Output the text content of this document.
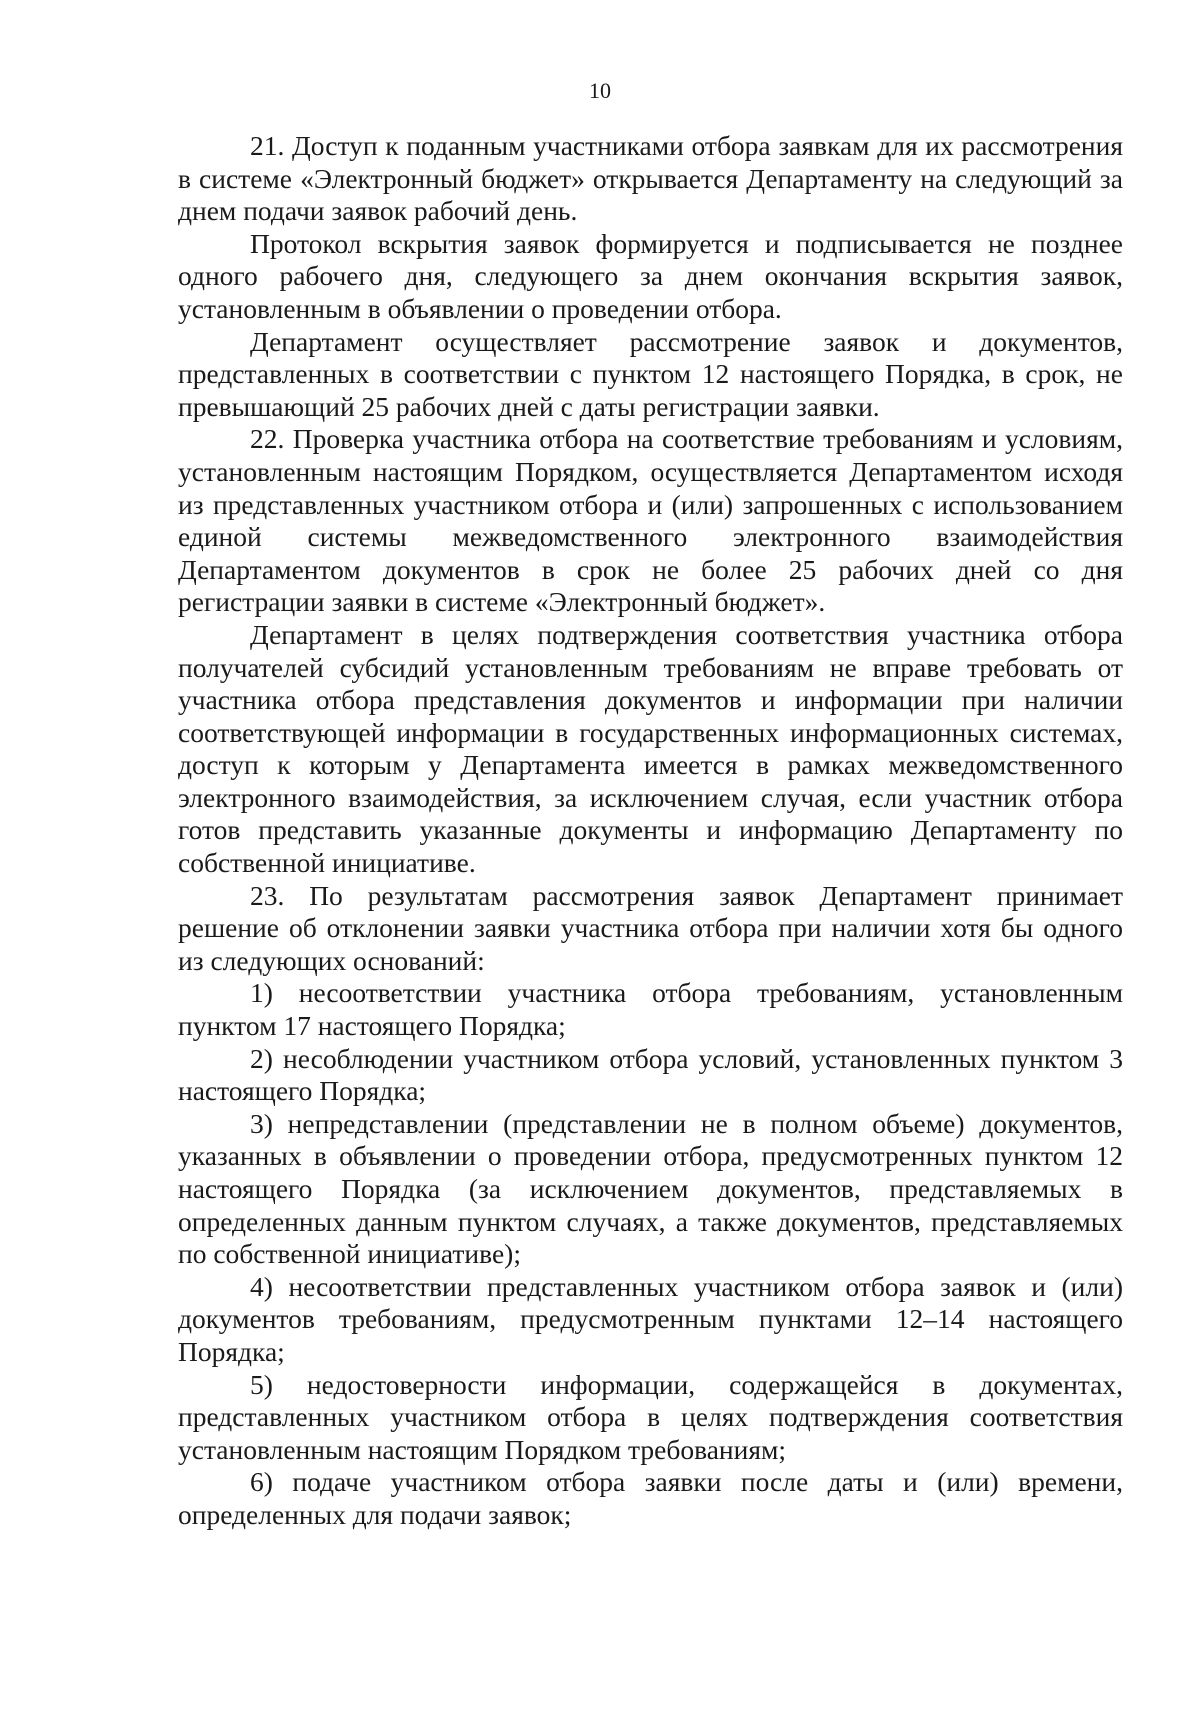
10

21. Доступ к поданным участниками отбора заявкам для их рассмотрения в системе «Электронный бюджет» открывается Департаменту на следующий за днем подачи заявок рабочий день.

Протокол вскрытия заявок формируется и подписывается не позднее одного рабочего дня, следующего за днем окончания вскрытия заявок, установленным в объявлении о проведении отбора.

Департамент осуществляет рассмотрение заявок и документов, представленных в соответствии с пунктом 12 настоящего Порядка, в срок, не превышающий 25 рабочих дней с даты регистрации заявки.

22. Проверка участника отбора на соответствие требованиям и условиям, установленным настоящим Порядком, осуществляется Департаментом исходя из представленных участником отбора и (или) запрошенных с использованием единой системы межведомственного электронного взаимодействия Департаментом документов в срок не более 25 рабочих дней со дня регистрации заявки в системе «Электронный бюджет».

Департамент в целях подтверждения соответствия участника отбора получателей субсидий установленным требованиям не вправе требовать от участника отбора представления документов и информации при наличии соответствующей информации в государственных информационных системах, доступ к которым у Департамента имеется в рамках межведомственного электронного взаимодействия, за исключением случая, если участник отбора готов представить указанные документы и информацию Департаменту по собственной инициативе.

23. По результатам рассмотрения заявок Департамент принимает решение об отклонении заявки участника отбора при наличии хотя бы одного из следующих оснований:

1) несоответствии участника отбора требованиям, установленным пунктом 17 настоящего Порядка;

2) несоблюдении участником отбора условий, установленных пунктом 3 настоящего Порядка;

3) непредставлении (представлении не в полном объеме) документов, указанных в объявлении о проведении отбора, предусмотренных пунктом 12 настоящего Порядка (за исключением документов, представляемых в определенных данным пунктом случаях, а также документов, представляемых по собственной инициативе);

4) несоответствии представленных участником отбора заявок и (или) документов требованиям, предусмотренным пунктами 12–14 настоящего Порядка;

5) недостоверности информации, содержащейся в документах, представленных участником отбора в целях подтверждения соответствия установленным настоящим Порядком требованиям;

6) подаче участником отбора заявки после даты и (или) времени, определенных для подачи заявок;
